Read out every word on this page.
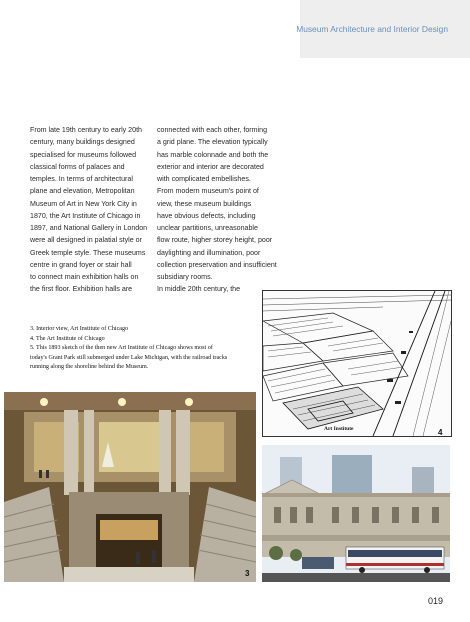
Museum Architecture and Interior Design
From late 19th century to early 20th
century, many buildings designed
specialised for museums followed
classical forms of palaces and
temples. In terms of architectural
plane and elevation, Metropolitan
Museum of Art in New York City in
1870, the Art Institute of Chicago in
1897, and National Gallery in London
were all designed in palatial style or
Greek temple style. These museums
centre in grand foyer or stair hall
to connect main exhibition halls on
the first floor. Exhibition halls are
connected with each other, forming
a grid plane. The elevation typically
has marble colonnade and both the
exterior and interior are decorated
with complicated embellishes.
From modern museum's point of
view, these museum buildings
have obvious defects, including
unclear partitions, unreasonable
flow route, higher storey height, poor
daylighting and illumination, poor
collection preservation and insufficient
subsidiary rooms.
In middle 20th century, the
3. Interior view, Art Institute of Chicago
4. The Art Institute of Chicago
5. This 1893 sketch of the then new Art Institute of Chicago shows most of
today's Grant Park still submerged under Lake Michigan, with the railroad tracks
running along the shoreline behind the Museum.
Art Institute	4
3
019
